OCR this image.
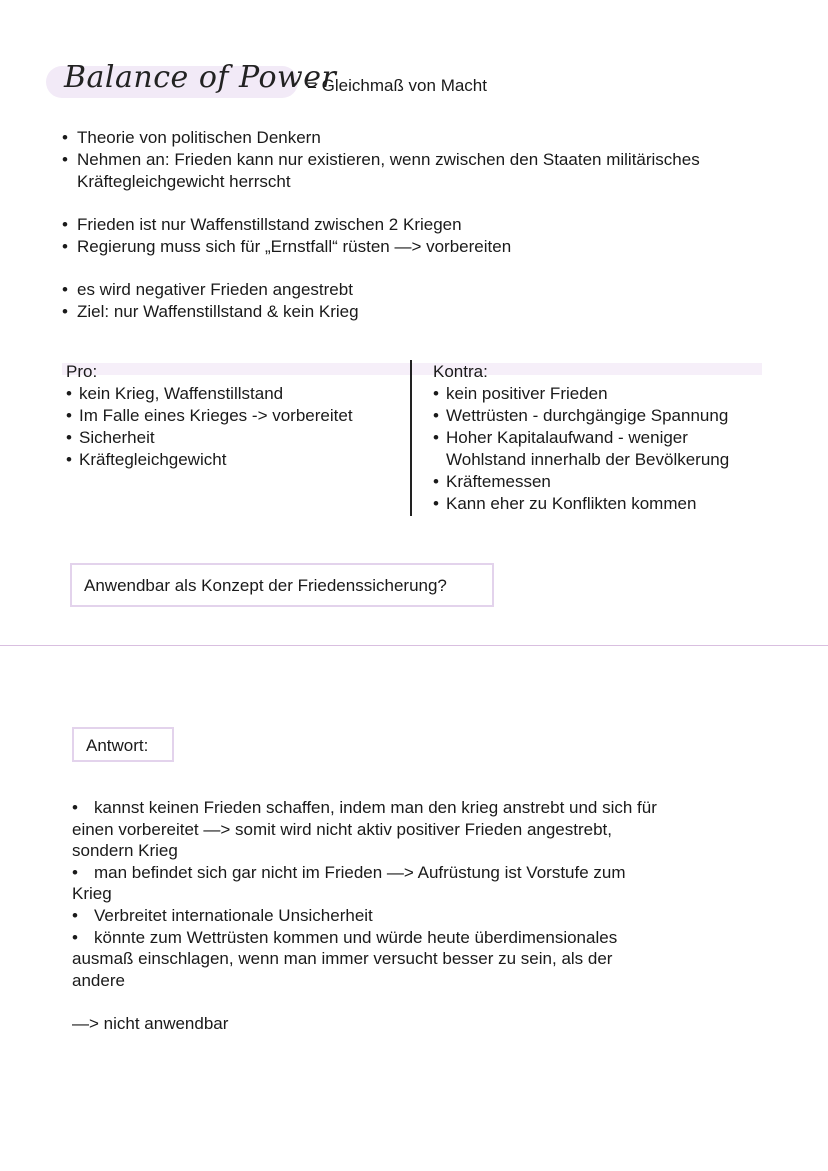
Balance of Power
= Gleichmaß von Macht
• Theorie von politischen Denkern
• Nehmen an: Frieden kann nur existieren, wenn zwischen den Staaten militärisches
Kräftegleichgewicht herrscht
• Frieden ist nur Waffenstillstand zwischen 2 Kriegen
• Regierung muss sich für „Ernstfall“ rüsten —> vorbereiten
• es wird negativer Frieden angestrebt
• Ziel: nur Waffenstillstand & kein Krieg
Pro:
• kein Krieg, Waffenstillstand
• Im Falle eines Krieges -> vorbereitet
• Sicherheit
• Kräftegleichgewicht
Kontra:
• kein positiver Frieden
• Wettrüsten - durchgängige Spannung
• Hoher Kapitalaufwand - weniger
Wohlstand innerhalb der Bevölkerung
• Kräftemessen
• Kann eher zu Konflikten kommen
Anwendbar als Konzept der Friedenssicherung?
Antwort:
• kannst keinen Frieden schaffen, indem man den krieg anstrebt und sich für
einen vorbereitet —> somit wird nicht aktiv positiver Frieden angestrebt,
sondern Krieg
• man befindet sich gar nicht im Frieden —> Aufrüstung ist Vorstufe zum
Krieg
• Verbreitet internationale Unsicherheit
• könnte zum Wettrüsten kommen und würde heute überdimensionales
ausmaß einschlagen, wenn man immer versucht besser zu sein, als der
andere
—> nicht anwendbar
